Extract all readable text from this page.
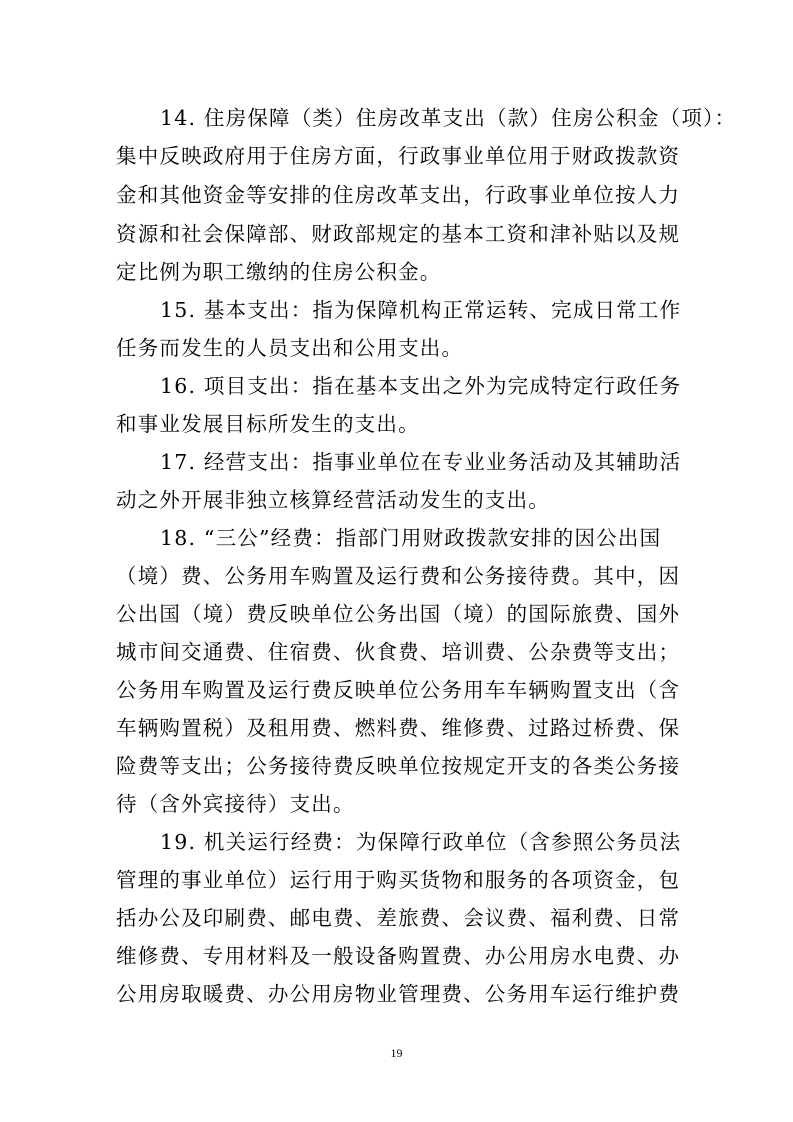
14. 住房保障（类）住房改革支出（款）住房公积金（项）：
集中反映政府用于住房方面，行政事业单位用于财政拨款资
金和其他资金等安排的住房改革支出，行政事业单位按人力
资源和社会保障部、财政部规定的基本工资和津补贴以及规
定比例为职工缴纳的住房公积金。
15. 基本支出：指为保障机构正常运转、完成日常工作
任务而发生的人员支出和公用支出。
16. 项目支出：指在基本支出之外为完成特定行政任务
和事业发展目标所发生的支出。
17. 经营支出：指事业单位在专业业务活动及其辅助活
动之外开展非独立核算经营活动发生的支出。
18. “三公”经费：指部门用财政拨款安排的因公出国
（境）费、公务用车购置及运行费和公务接待费。其中，因
公出国（境）费反映单位公务出国（境）的国际旅费、国外
城市间交通费、住宿费、伙食费、培训费、公杂费等支出；
公务用车购置及运行费反映单位公务用车车辆购置支出（含
车辆购置税）及租用费、燃料费、维修费、过路过桥费、保
险费等支出；公务接待费反映单位按规定开支的各类公务接
待（含外宾接待）支出。
19. 机关运行经费：为保障行政单位（含参照公务员法
管理的事业单位）运行用于购买货物和服务的各项资金，包
括办公及印刷费、邮电费、差旅费、会议费、福利费、日常
维修费、专用材料及一般设备购置费、办公用房水电费、办
公用房取暖费、办公用房物业管理费、公务用车运行维护费
19
